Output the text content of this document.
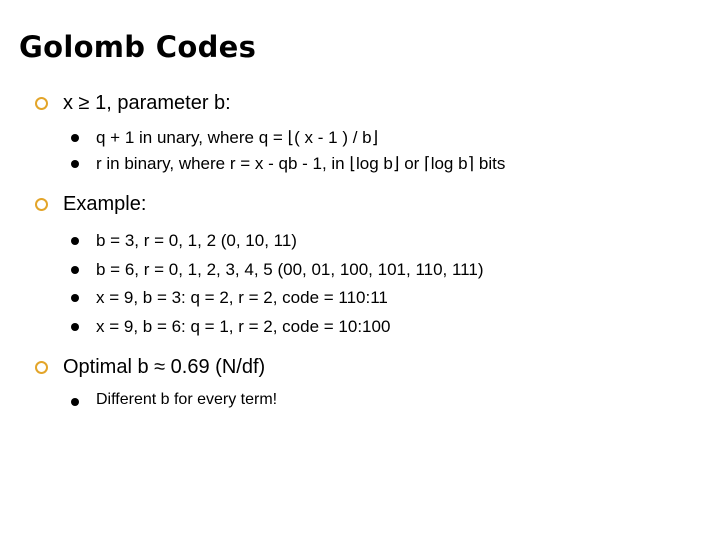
Golomb Codes
x ≥ 1, parameter b:
q + 1 in unary, where q = ⌊( x - 1 ) / b⌋
r in binary, where r = x - qb - 1, in ⌊log b⌋ or ⌈log b⌉ bits
Example:
b = 3, r = 0, 1, 2 (0, 10, 11)
b = 6, r = 0, 1, 2, 3, 4, 5 (00, 01, 100, 101, 110, 111)
x = 9, b = 3: q = 2, r = 2, code = 110:11
x = 9, b = 6: q = 1, r = 2, code = 10:100
Optimal b ≈ 0.69 (N/df)
Different b for every term!
